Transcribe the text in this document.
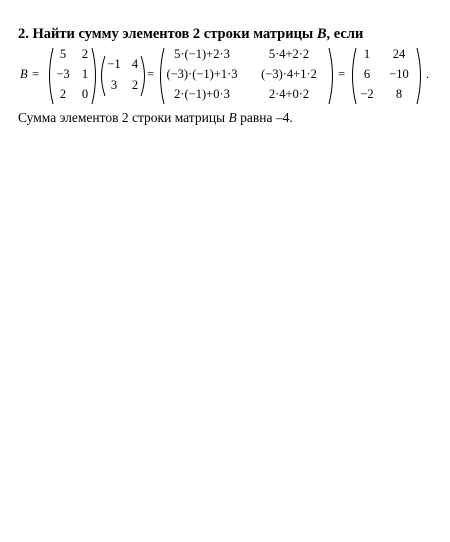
2. Найти сумму элементов 2 строки матрицы B, если
B =
5	2
−3 1
2	0
−1 4
3	2
=
5·(−1)+2·3	5·4+2·2
(−3)·(−1)+1·3	(−3)·4+1·2
2·(−1)+0·3	2·4+0·2
=
1	24
6	−10
−2	8
.
Сумма элементов 2 строки матрицы B равна –4.
